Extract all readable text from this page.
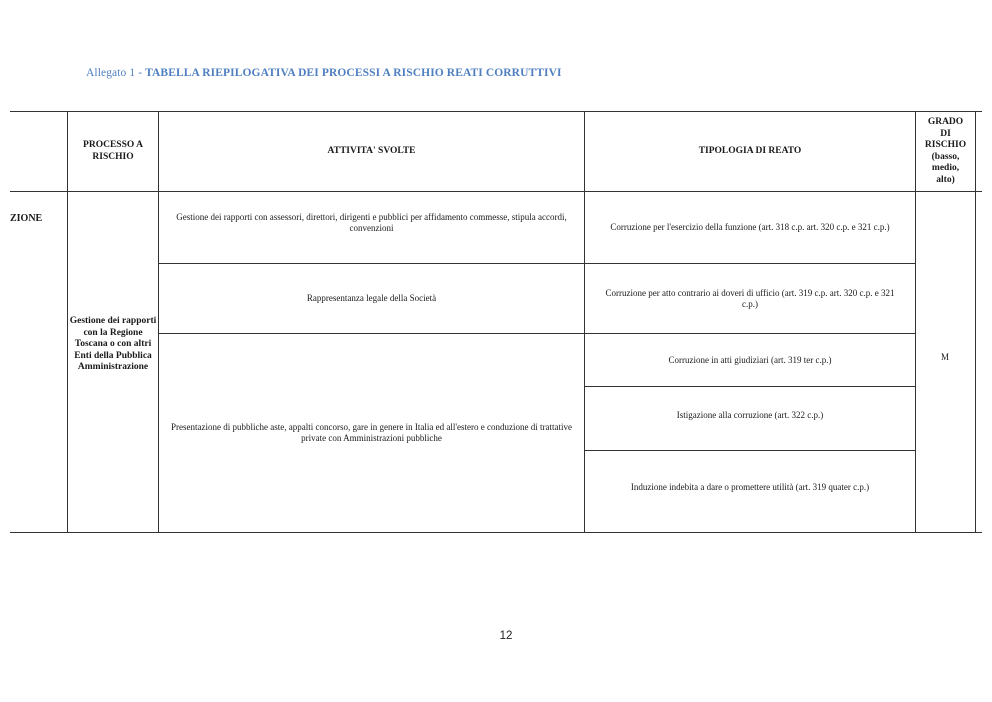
Allegato 1 - TABELLA RIEPILOGATIVA DEI PROCESSI A RISCHIO REATI CORRUTTIVI
PROCESSO A RISCHIO
ATTIVITA' SVOLTE	TIPOLOGIA DI REATO
GRADO DI RISCHIO (basso, medio, alto)
ZIONE
Gestione dei rapporti con la Regione Toscana o con altri Enti della Pubblica Amministrazione
Gestione dei rapporti con assessori, direttori, dirigenti e pubblici per affidamento commesse, stipula accordi, convenzioni
Rappresentanza legale della Società
Presentazione di pubbliche aste, appalti concorso, gare in genere in Italia ed all'estero e conduzione di trattative private con Amministrazioni pubbliche
Corruzione per l'esercizio della funzione (art. 318 c.p. art. 320 c.p. e 321 c.p.)
Corruzione per atto contrario ai doveri di ufficio (art. 319 c.p. art. 320 c.p. e 321 c.p.)
Corruzione in atti giudiziari (art. 319 ter c.p.)
Istigazione alla corruzione (art. 322 c.p.)
Induzione indebita a dare o promettere utilità (art. 319 quater c.p.)
M
12
